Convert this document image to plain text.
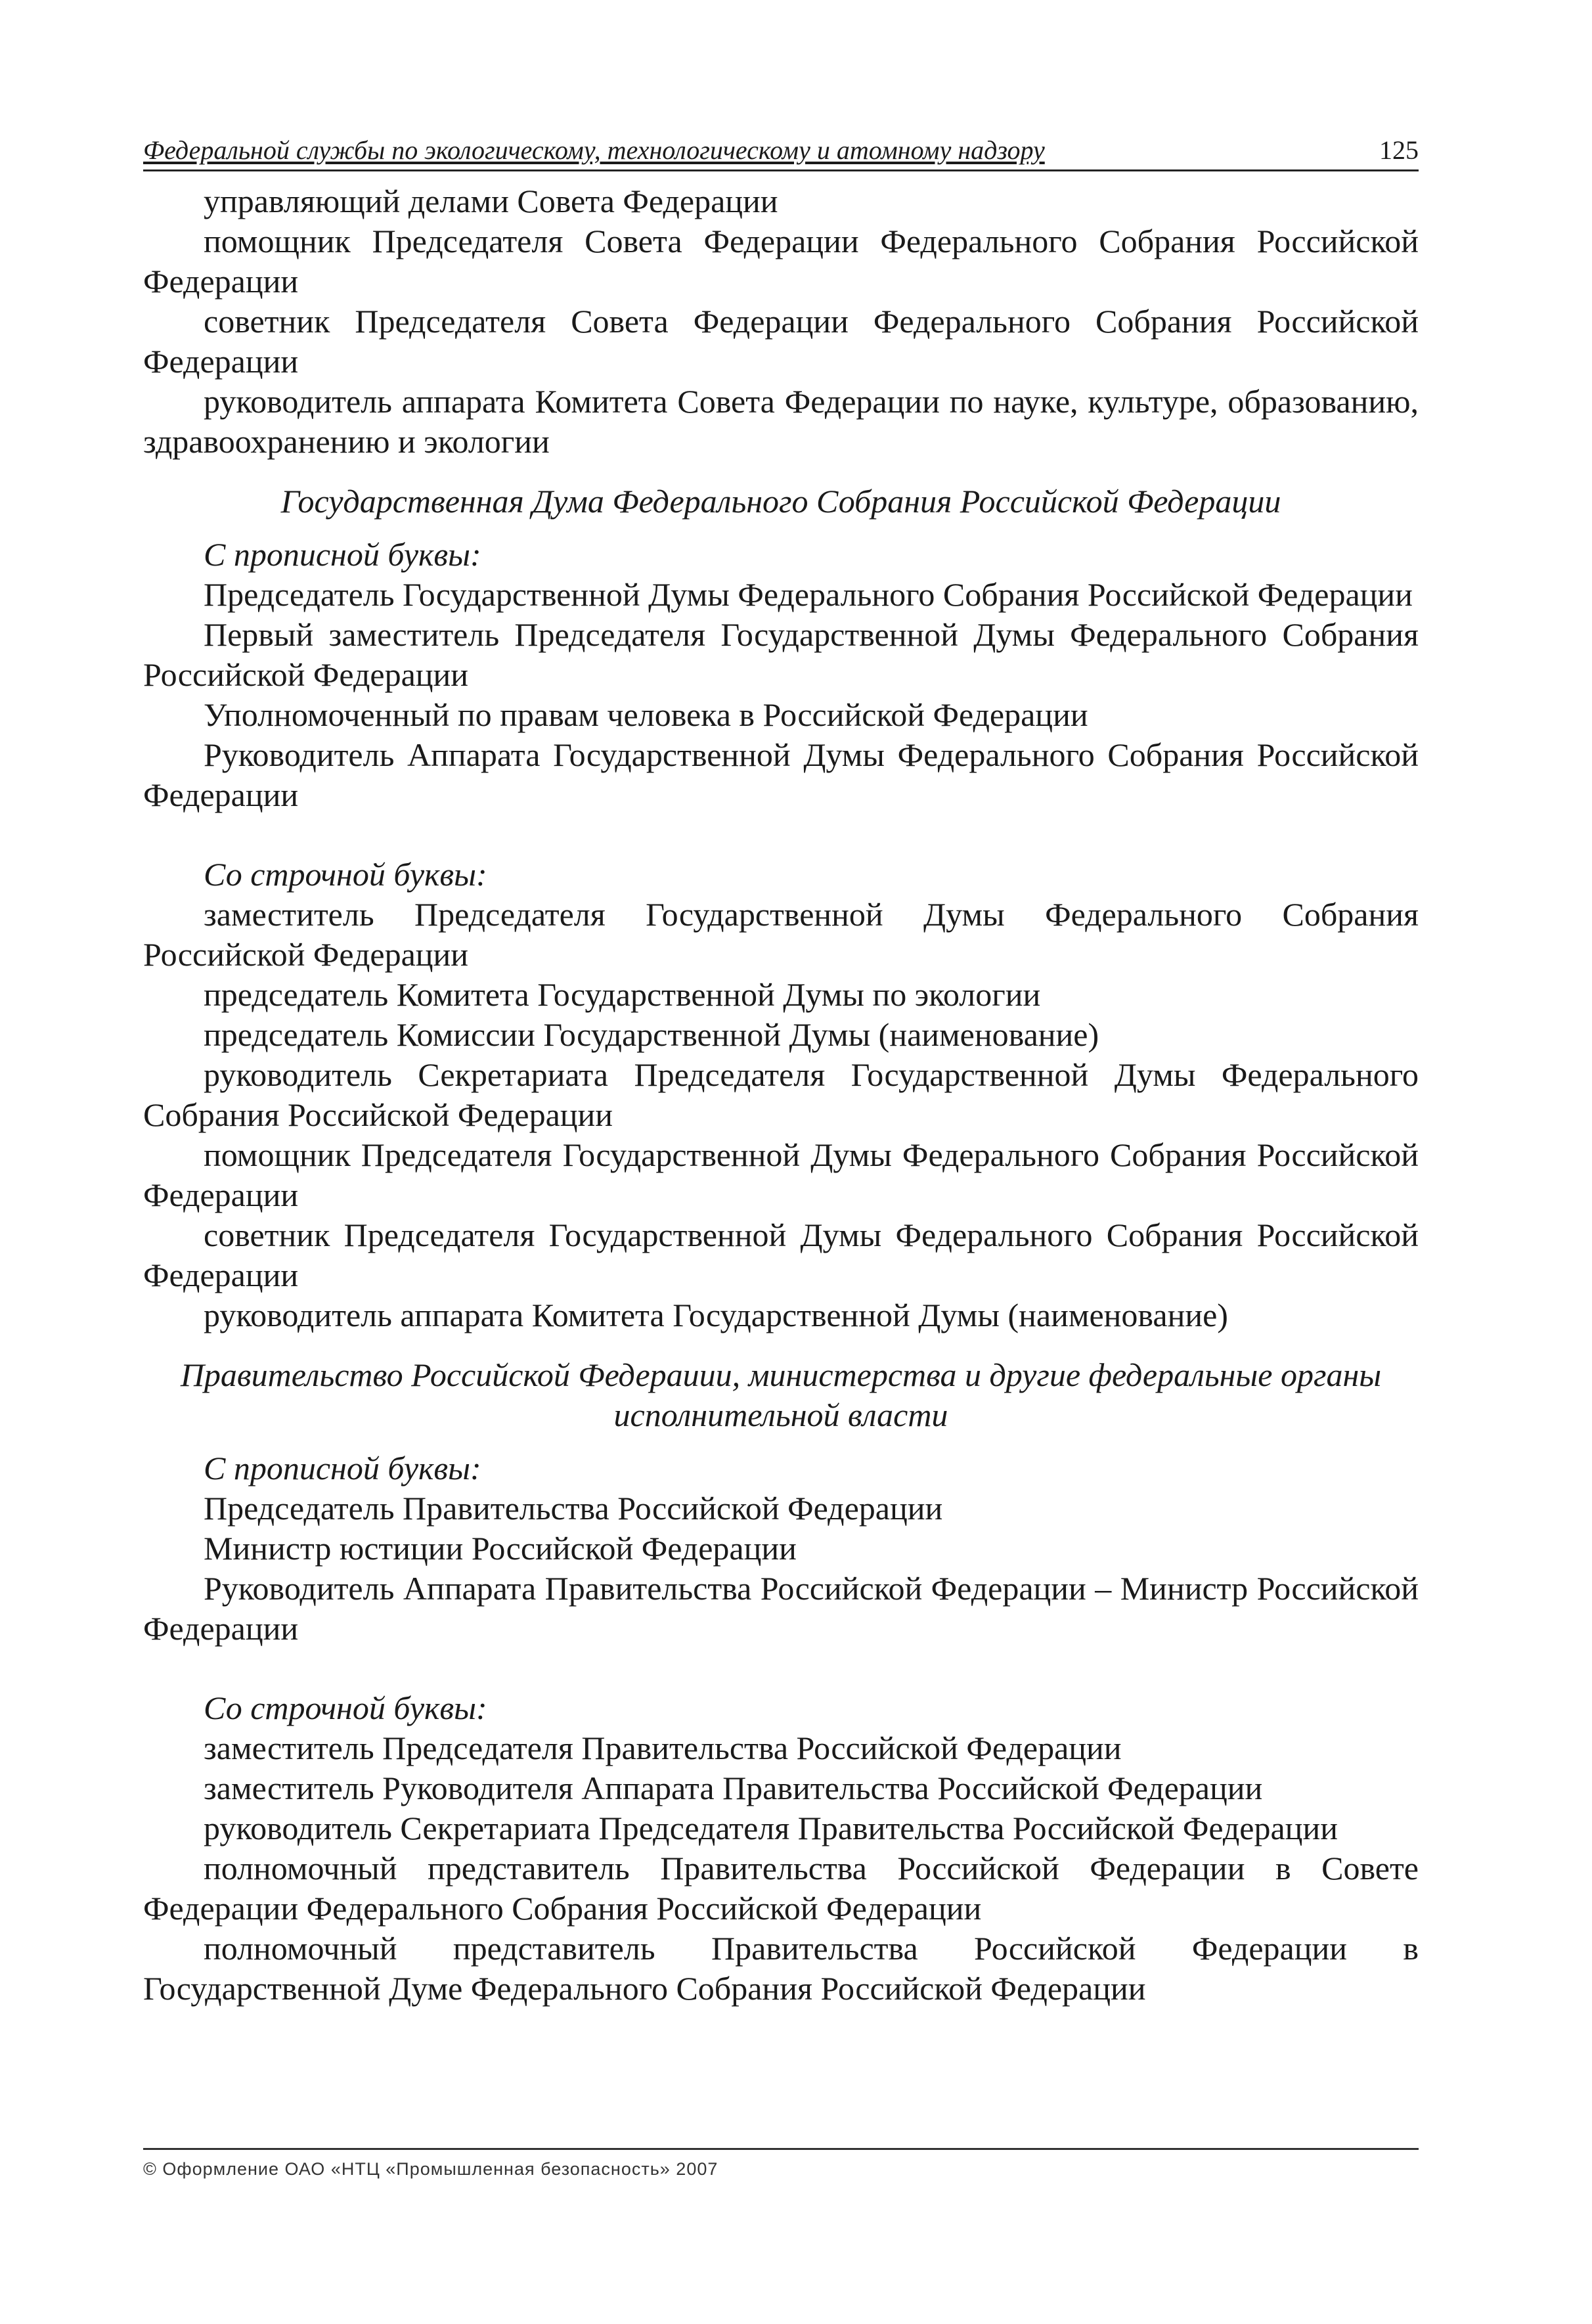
Федеральной службы по экологическому, технологическому и атомному надзору	125

управляющий делами Совета Федерации

помощник Председателя Совета Федерации Федерального Собрания Российской Федерации

советник Председателя Совета Федерации Федерального Собрания Российской Федерации

руководитель аппарата Комитета Совета Федерации по науке, культуре, образованию, здравоохранению и экологии

Государственная Дума Федерального Собрания Российской Федерации

С прописной буквы:

Председатель Государственной Думы Федерального Собрания Российской Федерации

Первый заместитель Председателя Государственной Думы Федерального Собрания Российской Федерации

Уполномоченный по правам человека в Российской Федерации

Руководитель Аппарата Государственной Думы Федерального Собрания Российской Федерации

Со строчной буквы:

заместитель Председателя Государственной Думы Федерального Собрания Российской Федерации

председатель Комитета Государственной Думы по экологии

председатель Комиссии Государственной Думы (наименование)

руководитель Секретариата Председателя Государственной Думы Федерального Собрания Российской Федерации

помощник Председателя Государственной Думы Федерального Собрания Российской Федерации

советник Председателя Государственной Думы Федерального Собрания Российской Федерации

руководитель аппарата Комитета Государственной Думы (наименование)

Правительство Российской Федераиии, министерства и другие федеральные органы исполнительной власти

С прописной буквы:

Председатель Правительства Российской Федерации

Министр юстиции Российской Федерации

Руководитель Аппарата Правительства Российской Федерации – Министр Российской Федерации

Со строчной буквы:

заместитель Председателя Правительства Российской Федерации

заместитель Руководителя Аппарата Правительства Российской Федерации

руководитель Секретариата Председателя Правительства Российской Федерации

полномочный представитель Правительства Российской Федерации в Совете Федерации Федерального Собрания Российской Федерации

полномочный представитель Правительства Российской Федерации в Государственной Думе Федерального Собрания Российской Федерации

© Оформление ОАО «НТЦ «Промышленная безопасность» 2007
